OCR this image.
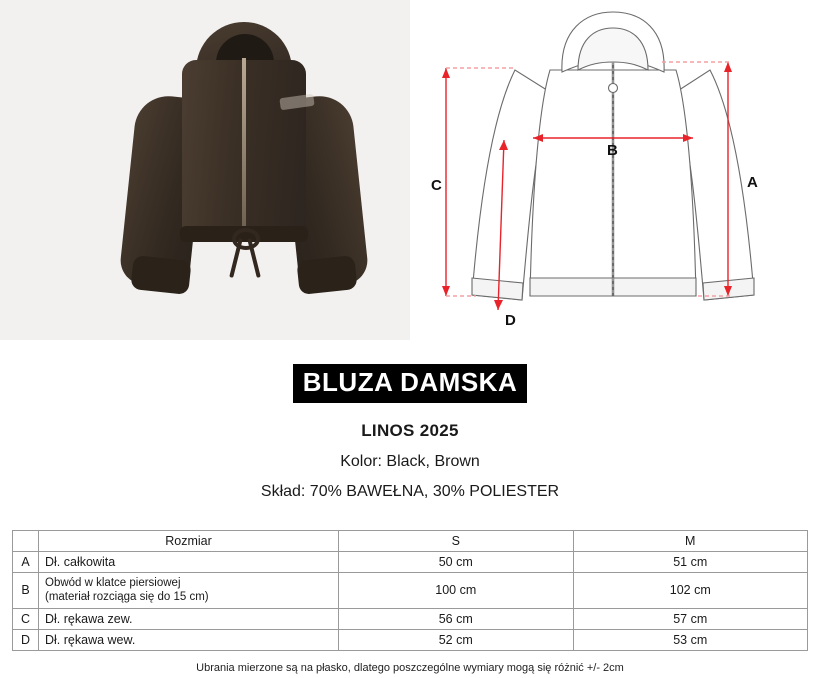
A
B
C
D
BLUZA DAMSKA
LINOS 2025
Kolor: Black, Brown
Skład: 70% BAWEŁNA, 30% POLIESTER
	Rozmiar	S	M
A	Dł. całkowita	50 cm	51 cm
B	Obwód w klatce piersiowej
(materiał rozciąga się do 15 cm)	100 cm	102 cm
C	Dł. rękawa zew.	56 cm	57 cm
D	Dł. rękawa wew.	52 cm	53 cm
Ubrania mierzone są na płasko, dlatego poszczególne wymiary mogą się różnić +/- 2cm
